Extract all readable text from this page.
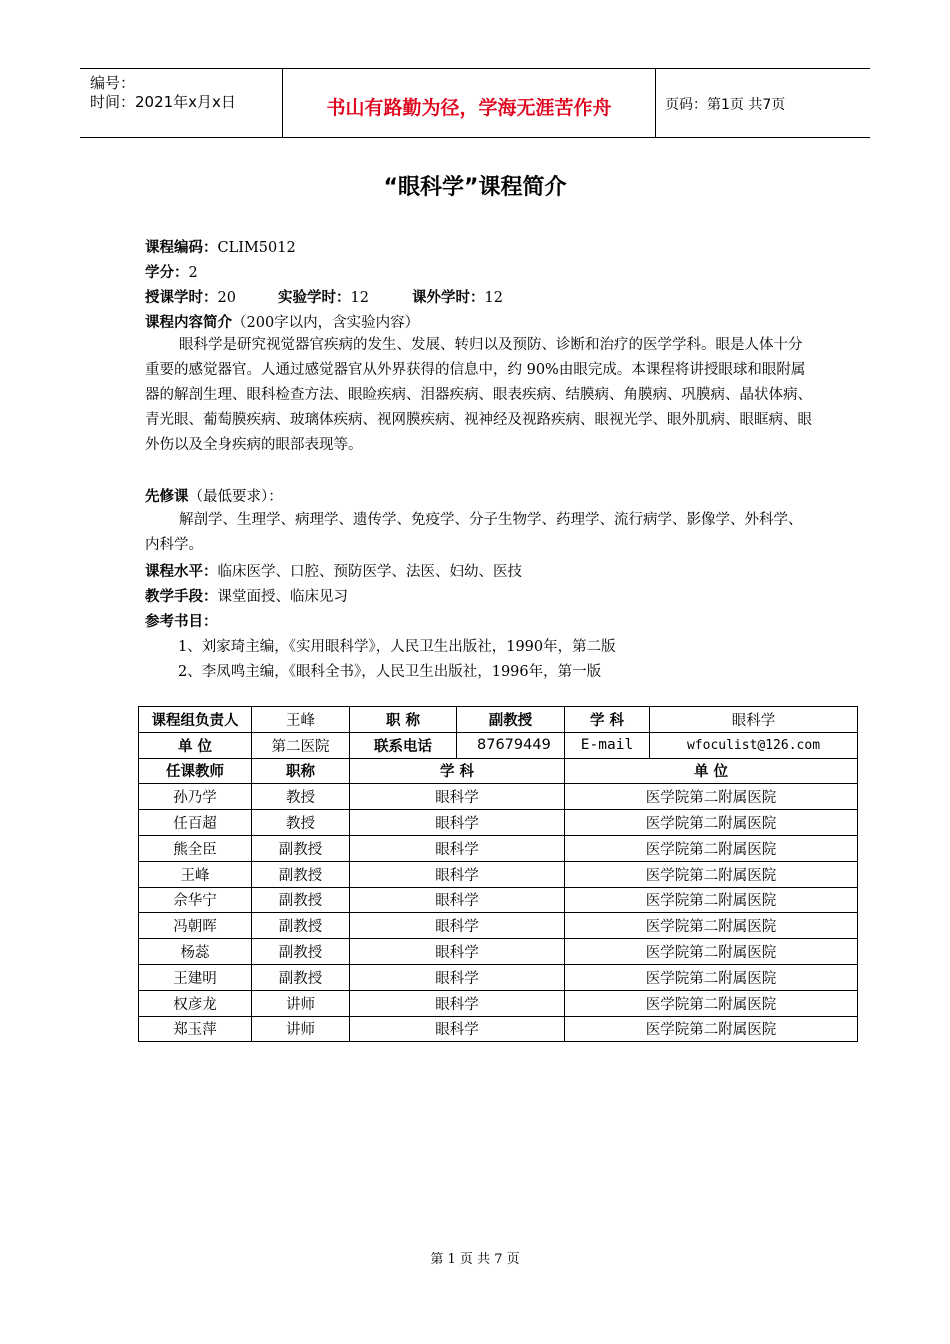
编号：
时间：2021年x月x日	书山有路勤为径，学海无涯苦作舟	页码：第1页 共7页
“眼科学”课程简介
课程编码：CLIM5012
学分：2
授课学时：20	实验学时：12	课外学时：12
课程内容简介（200字以内，含实验内容）
眼科学是研究视觉器官疾病的发生、发展、转归以及预防、诊断和治疗的医学学科。眼是人体十分重要的感觉器官。人通过感觉器官从外界获得的信息中，约 90%由眼完成。本课程将讲授眼球和眼附属器的解剖生理、眼科检查方法、眼睑疾病、泪器疾病、眼表疾病、结膜病、角膜病、巩膜病、晶状体病、青光眼、葡萄膜疾病、玻璃体疾病、视网膜疾病、视神经及视路疾病、眼视光学、眼外肌病、眼眶病、眼外伤以及全身疾病的眼部表现等。
先修课（最低要求）：
解剖学、生理学、病理学、遗传学、免疫学、分子生物学、药理学、流行病学、影像学、外科学、内科学。
课程水平：临床医学、口腔、预防医学、法医、妇幼、医技
教学手段：课堂面授、临床见习
参考书目：
1、刘家琦主编，《实用眼科学》，人民卫生出版社，1990年，第二版
2、李凤鸣主编，《眼科全书》，人民卫生出版社，1996年，第一版
课程组负责人	王峰	职 称	副教授	学 科	眼科学
单 位	第二医院	联系电话	87679449	E-mail	wfoculist@126.com
任课教师	职称	学 科		单 位	
孙乃学	教授	眼科学		医学院第二附属医院	
任百超	教授	眼科学		医学院第二附属医院	
熊全臣	副教授	眼科学		医学院第二附属医院	
王峰	副教授	眼科学		医学院第二附属医院	
佘华宁	副教授	眼科学		医学院第二附属医院	
冯朝晖	副教授	眼科学		医学院第二附属医院	
杨蕊	副教授	眼科学		医学院第二附属医院	
王建明	副教授	眼科学		医学院第二附属医院	
权彦龙	讲师	眼科学		医学院第二附属医院	
郑玉萍	讲师	眼科学		医学院第二附属医院	
第 1 页 共 7 页
